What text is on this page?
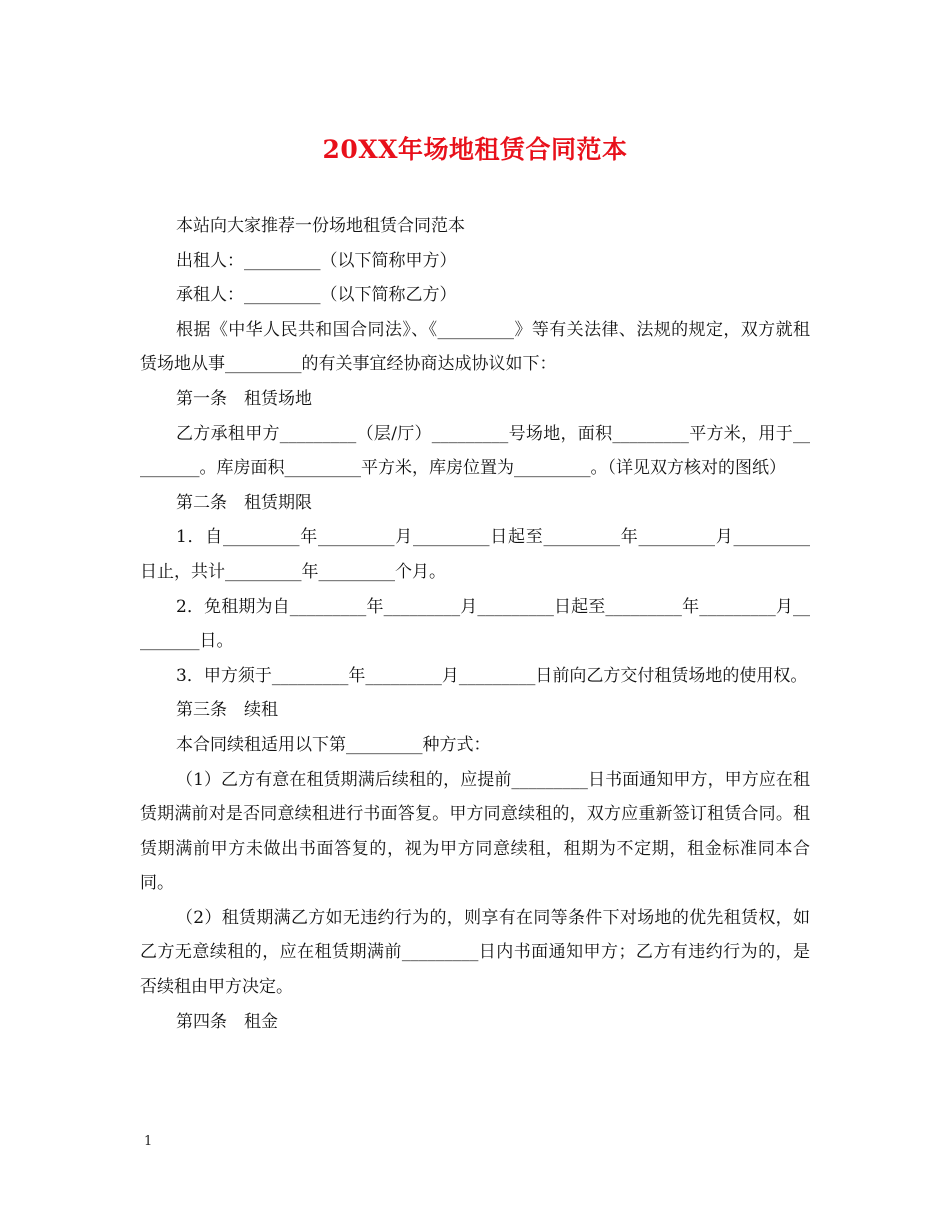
20XX年场地租赁合同范本

本站向大家推荐一份场地租赁合同范本

出租人：_________（以下简称甲方）

承租人：_________（以下简称乙方）

根据《中华人民共和国合同法》、《_________》等有关法律、法规的规定，双方就租赁场地从事_________的有关事宜经协商达成协议如下：

第一条　租赁场地

乙方承租甲方_________（层/厅）_________号场地，面积_________平方米，用于_________。库房面积_________平方米，库房位置为_________。（详见双方核对的图纸）

第二条　租赁期限

1．自_________年_________月_________日起至_________年_________月_________日止，共计_________年_________个月。

2．免租期为自_________年_________月_________日起至_________年_________月_________日。

3．甲方须于_________年_________月_________日前向乙方交付租赁场地的使用权。

第三条　续租

本合同续租适用以下第_________种方式：

（1）乙方有意在租赁期满后续租的，应提前_________日书面通知甲方，甲方应在租赁期满前对是否同意续租进行书面答复。甲方同意续租的，双方应重新签订租赁合同。租赁期满前甲方未做出书面答复的，视为甲方同意续租，租期为不定期，租金标准同本合同。

（2）租赁期满乙方如无违约行为的，则享有在同等条件下对场地的优先租赁权，如乙方无意续租的，应在租赁期满前_________日内书面通知甲方；乙方有违约行为的，是否续租由甲方决定。

第四条　租金

1
